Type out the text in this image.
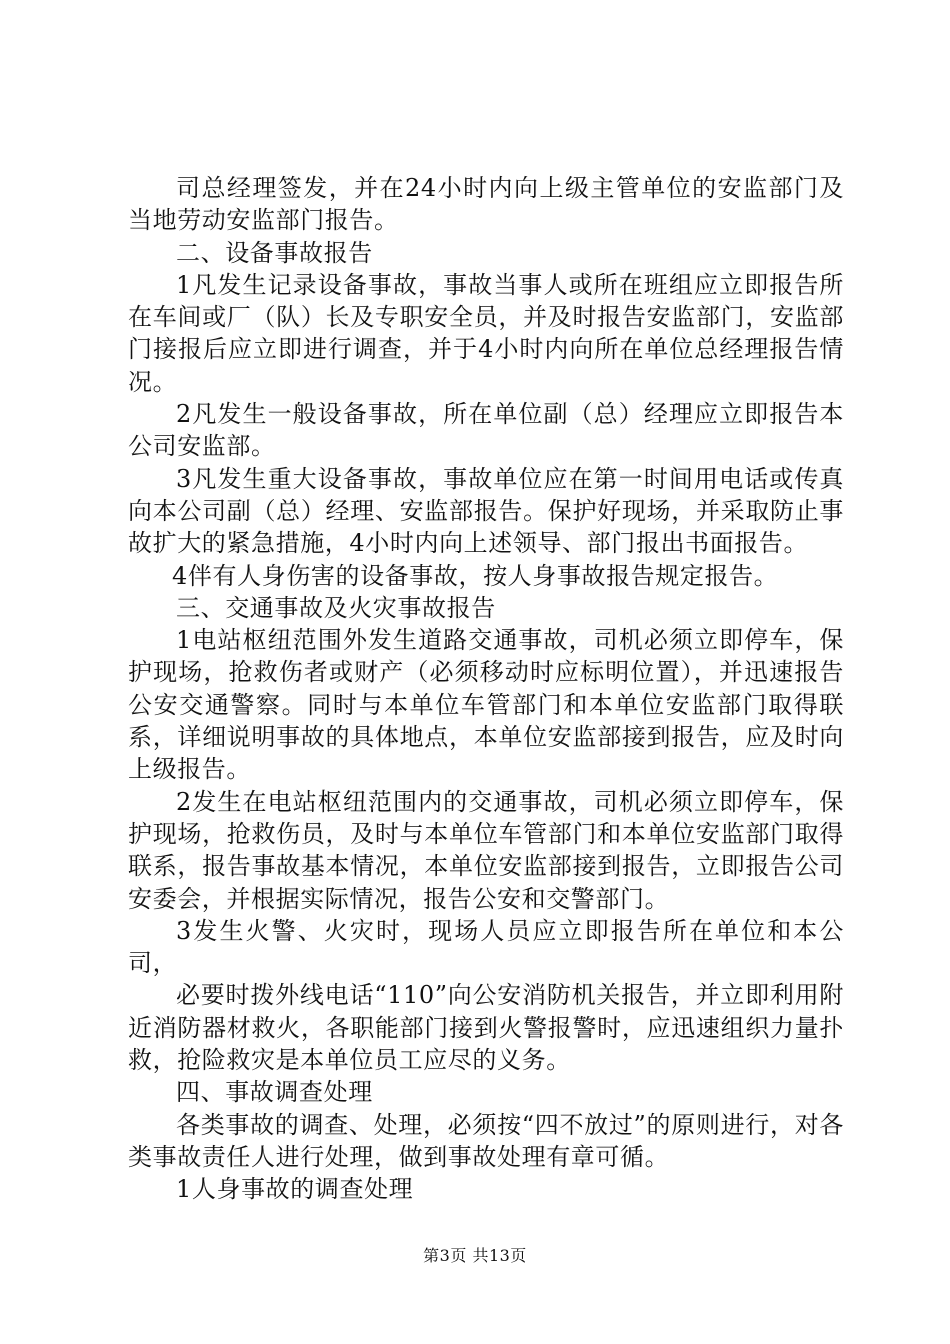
司总经理签发，并在24小时内向上级主管单位的安监部门及当地劳动安监部门报告。

二、设备事故报告

1凡发生记录设备事故，事故当事人或所在班组应立即报告所在车间或厂（队）长及专职安全员，并及时报告安监部门，安监部门接报后应立即进行调查，并于4小时内向所在单位总经理报告情况。

2凡发生一般设备事故，所在单位副（总）经理应立即报告本公司安监部。

3凡发生重大设备事故，事故单位应在第一时间用电话或传真向本公司副（总）经理、安监部报告。保护好现场，并采取防止事故扩大的紧急措施，4小时内向上述领导、部门报出书面报告。

4伴有人身伤害的设备事故，按人身事故报告规定报告。

三、交通事故及火灾事故报告

1电站枢纽范围外发生道路交通事故，司机必须立即停车，保护现场，抢救伤者或财产（必须移动时应标明位置），并迅速报告公安交通警察。同时与本单位车管部门和本单位安监部门取得联系，详细说明事故的具体地点，本单位安监部接到报告，应及时向上级报告。

2发生在电站枢纽范围内的交通事故，司机必须立即停车，保护现场，抢救伤员，及时与本单位车管部门和本单位安监部门取得联系，报告事故基本情况，本单位安监部接到报告，立即报告公司安委会，并根据实际情况，报告公安和交警部门。

3发生火警、火灾时，现场人员应立即报告所在单位和本公司，

必要时拨外线电话“110”向公安消防机关报告，并立即利用附近消防器材救火，各职能部门接到火警报警时，应迅速组织力量扑救，抢险救灾是本单位员工应尽的义务。

四、事故调查处理

各类事故的调查、处理，必须按“四不放过”的原则进行，对各类事故责任人进行处理，做到事故处理有章可循。

1人身事故的调查处理

第3页 共13页
